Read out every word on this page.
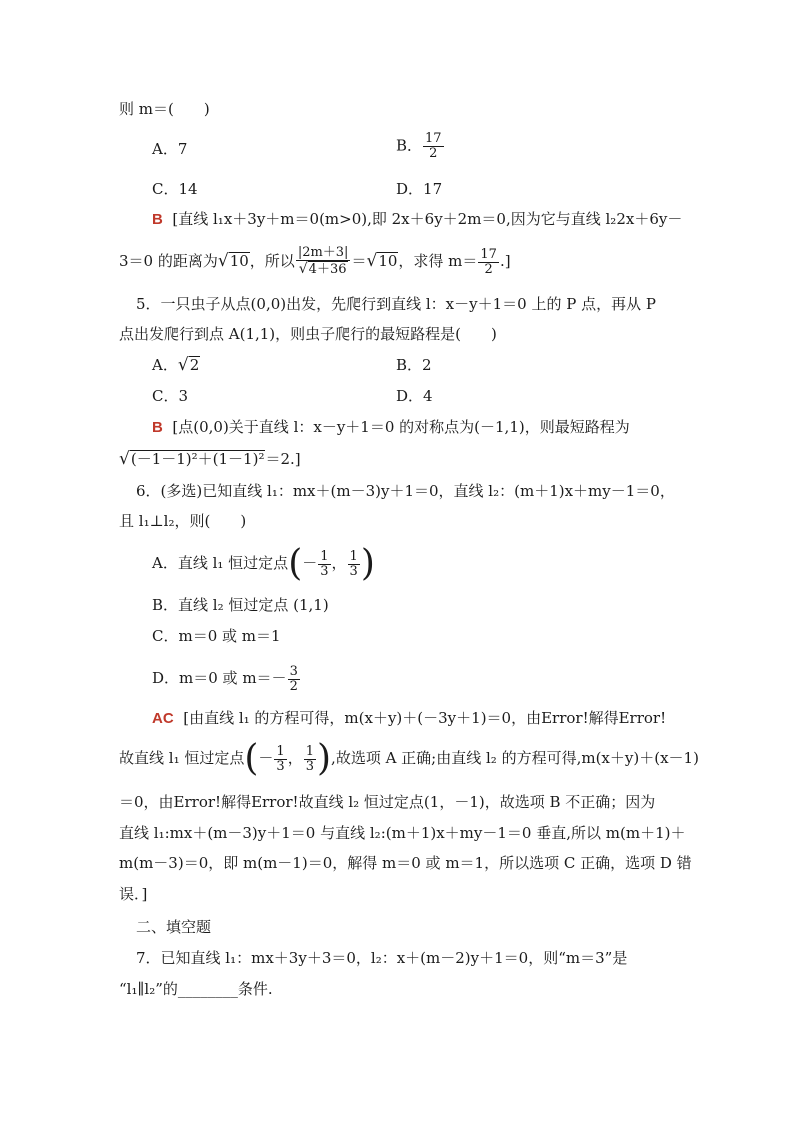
则 m＝(　　)
A．7	B． $\frac{17}{2}$
C．14	D．17
B [直线 l₁x＋3y＋m＝0(m>0),即 2x＋6y＋2m＝0,因为它与直线 l₂2x＋6y－
3＝0 的距离为√10，所以 $\frac{|2m+3|}{√4+36} =√10$，求得 $m= \frac{17}{2}$ .]
5．一只虫子从点(0,0)出发，先爬行到直线 l：x－y＋1＝0 上的 P 点，再从 P
点出发爬行到点 A(1,1)，则虫子爬行的最短路程是(　　)
A．√2	B．2
C．3	D．4
B [点(0,0)关于直线 l：x－y＋1＝0 的对称点为(－1,1)，则最短路程为
√(－1－1)²＋(1－1)²＝2.]
6．(多选)已知直线 l₁：mx＋(m－3)y＋1＝0，直线 l₂：(m＋1)x＋my－1＝0，
且 l₁⊥l₂，则(　　)
A．直线 l₁ 恒过定点(－ $\frac{1}{3}$ ， $\frac{1}{3}$ )
B．直线 l₂ 恒过定点 (1,1)
C．m＝0 或 m＝1
D．m＝0 或 $m=- \frac{3}{2}$
AC [由直线 l₁ 的方程可得，m(x＋y)＋(－3y＋1)＝0，由Error!解得Error!
故直线 l₁ 恒过定点(－ $\frac{1}{3}$ ， $\frac{1}{3}$ ),故选项 A 正确;由直线 l₂ 的方程可得,m(x＋y)＋(x－1)
＝0，由Error!解得Error!故直线 l₂ 恒过定点(1，－1)，故选项 B 不正确；因为
直线 l₁:mx＋(m－3)y＋1＝0 与直线 l₂:(m＋1)x＋my－1＝0 垂直,所以 m(m＋1)＋
m(m－3)＝0，即 m(m－1)＝0，解得 m＝0 或 m＝1，所以选项 C 正确，选项 D 错
误．]
二、填空题
7．已知直线 l₁：mx＋3y＋3＝0，l₂：x＋(m－2)y＋1＝0，则“m＝3”是
“l₁∥l₂”的________条件.
